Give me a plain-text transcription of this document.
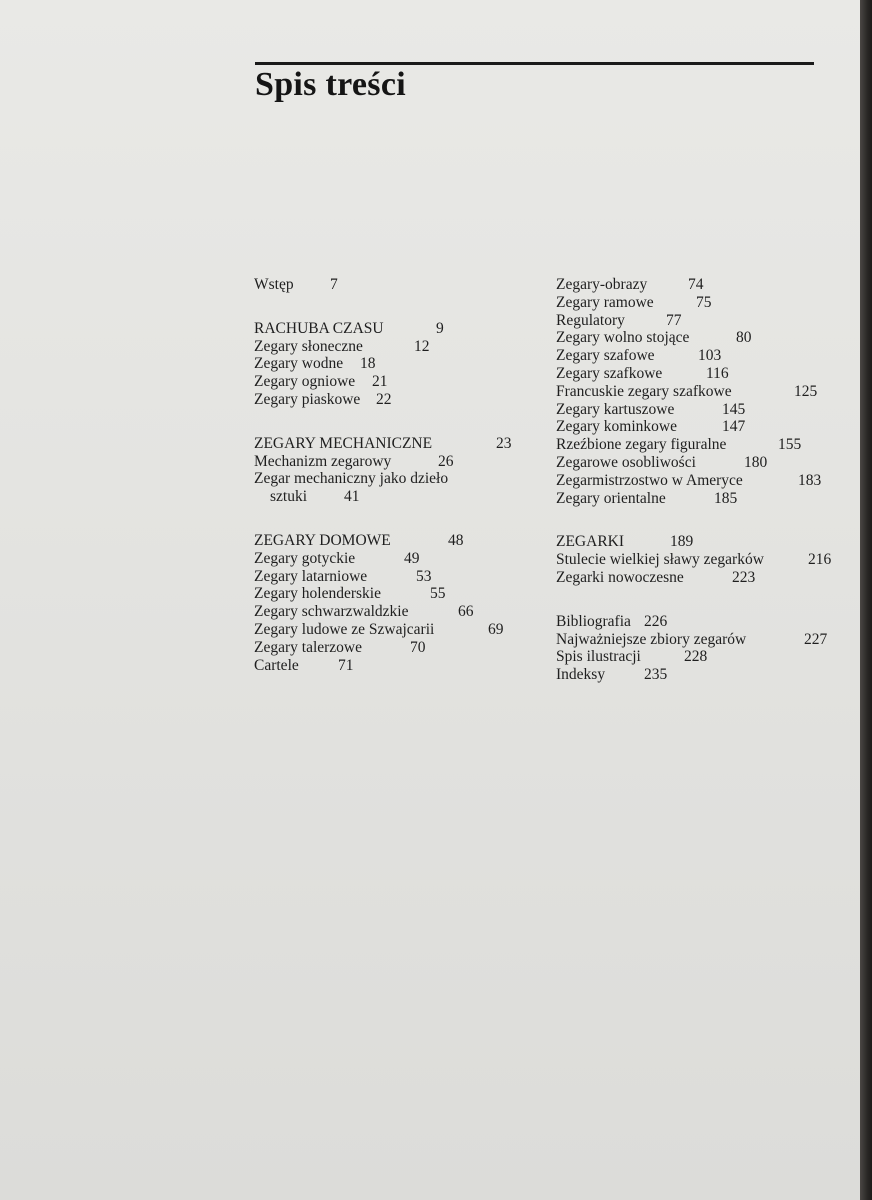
Spis treści
Wstęp 7
RACHUBA CZASU	9
Zegary słoneczne	12
Zegary wodne 18
Zegary ogniowe 21
Zegary piaskowe 22
ZEGARY MECHANICZNE	23
Mechanizm zegarowy	26
Zegar mechaniczny jako dzieło
sztuki 41
ZEGARY DOMOWE	48
Zegary gotyckie	49
Zegary latarniowe	53
Zegary holenderskie	55
Zegary schwarzwaldzkie	66
Zegary ludowe ze Szwajcarii	69
Zegary talerzowe	70
Cartele	71
Zegary-obrazy	74
Zegary ramowe	75
Regulatory	77
Zegary wolno stojące	80
Zegary szafowe	103
Zegary szafkowe	116
Francuskie zegary szafkowe	125
Zegary kartuszowe	145
Zegary kominkowe	147
Rzeźbione zegary figuralne	155
Zegarowe osobliwości	180
Zegarmistrzostwo w Ameryce	183
Zegary orientalne	185
ZEGARKI	189
Stulecie wielkiej sławy zegarków	216
Zegarki nowoczesne	223
Bibliografia 226
Najważniejsze zbiory zegarów	227
Spis ilustracji	228
Indeksy	235
